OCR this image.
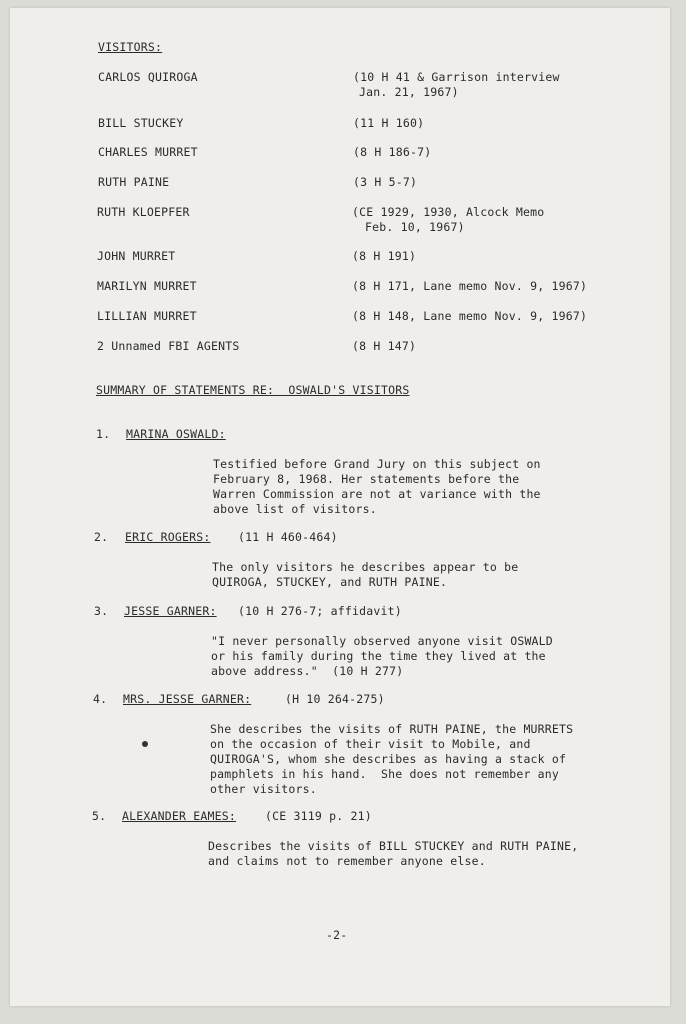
VISITORS:
CARLOS QUIROGA	(10 H 41 & Garrison interview
Jan. 21, 1967)
BILL STUCKEY	(11 H 160)
CHARLES MURRET	(8 H 186-7)
RUTH PAINE	(3 H 5-7)
RUTH KLOEPFER	(CE 1929, 1930, Alcock Memo
Feb. 10, 1967)
JOHN MURRET	(8 H 191)
MARILYN MURRET	(8 H 171, Lane memo Nov. 9, 1967)
LILLIAN MURRET	(8 H 148, Lane memo Nov. 9, 1967)
2 Unnamed FBI AGENTS	(8 H 147)
SUMMARY OF STATEMENTS RE:  OSWALD'S VISITORS
1. MARINA OSWALD:
Testified before Grand Jury on this subject on
February 8, 1968. Her statements before the
Warren Commission are not at variance with the
above list of visitors.
2. ERIC ROGERS: (11 H 460-464)
The only visitors he describes appear to be
QUIROGA, STUCKEY, and RUTH PAINE.
3. JESSE GARNER: (10 H 276-7; affidavit)
"I never personally observed anyone visit OSWALD
or his family during the time they lived at the
above address."  (10 H 277)
4. MRS. JESSE GARNER:	(H 10 264-275)
She describes the visits of RUTH PAINE, the MURRETS
on the occasion of their visit to Mobile, and
QUIROGA'S, whom she describes as having a stack of
pamphlets in his hand.  She does not remember any
other visitors.
5. ALEXANDER EAMES:	(CE 3119 p. 21)
Describes the visits of BILL STUCKEY and RUTH PAINE,
and claims not to remember anyone else.
-2-
